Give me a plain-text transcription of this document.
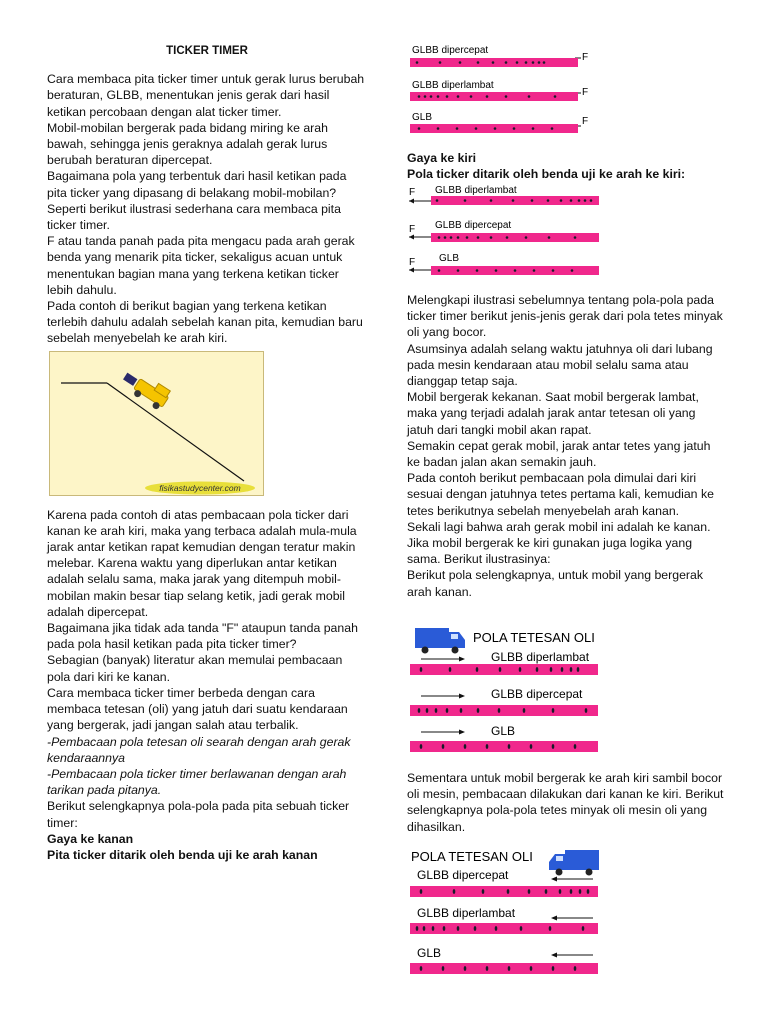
TICKER TIMER

Cara membaca pita ticker timer untuk gerak lurus berubah beraturan, GLBB, menentukan jenis gerak dari hasil ketikan percobaan dengan alat ticker timer.

Mobil-mobilan bergerak pada bidang miring ke arah bawah, sehingga jenis geraknya adalah gerak lurus berubah beraturan dipercepat.

Bagaimana pola yang terbentuk dari hasil ketikan pada pita ticker yang dipasang di belakang mobil-mobilan?

Seperti berikut ilustrasi sederhana cara membaca pita ticker timer.

F atau tanda panah pada pita mengacu pada arah gerak benda yang menarik pita ticker, sekaligus acuan untuk menentukan bagian mana yang terkena ketikan ticker lebih dahulu.

Pada contoh di berikut bagian yang terkena ketikan terlebih dahulu adalah sebelah kanan pita, kemudian baru sebelah menyebelah ke arah kiri.

fisikastudycenter.com

Karena pada contoh di atas pembacaan pola ticker dari kanan ke arah kiri, maka yang terbaca adalah mula-mula jarak antar ketikan rapat kemudian dengan teratur makin melebar. Karena waktu yang diperlukan antar ketikan adalah selalu sama, maka jarak yang ditempuh mobil-mobilan makin besar tiap selang ketik, jadi gerak mobil adalah dipercepat.

Bagaimana jika tidak ada tanda "F" ataupun tanda panah pada pola hasil ketikan pada pita ticker timer?

Sebagian (banyak) literatur akan memulai pembacaan pola dari kiri ke kanan.

Cara membaca ticker timer berbeda dengan cara membaca tetesan (oli) yang jatuh dari suatu kendaraan yang bergerak, jadi jangan salah atau terbalik.

-Pembacaan pola tetesan oli searah dengan arah gerak kendaraannya

-Pembacaan pola ticker timer berlawanan dengan arah tarikan pada pitanya.

Berikut selengkapnya pola-pola pada pita sebuah ticker timer:

Gaya ke kanan

Pita ticker ditarik oleh benda uji ke arah kanan

GLBB dipercepat
F
GLBB diperlambat
F
GLB	F

Gaya ke kiri

Pola ticker ditarik oleh benda uji ke arah ke kiri:

F GLBB diperlambat
F GLBB dipercepat
F GLB

Melengkapi ilustrasi sebelumnya tentang pola-pola pada ticker timer berikut jenis-jenis gerak dari pola tetes minyak oli yang bocor.

Asumsinya adalah selang waktu jatuhnya oli dari lubang pada mesin kendaraan atau mobil selalu sama atau dianggap tetap saja.

Mobil bergerak kekanan. Saat mobil bergerak lambat, maka yang terjadi adalah jarak antar tetesan oli yang jatuh dari tangki mobil akan rapat.

Semakin cepat gerak mobil, jarak antar tetes yang jatuh ke badan jalan akan semakin jauh.

Pada contoh berikut pembacaan pola dimulai dari kiri sesuai dengan jatuhnya tetes pertama kali, kemudian ke tetes berikutnya sebelah menyebelah arah kanan.

Sekali lagi bahwa arah gerak mobil ini adalah ke kanan.

Jika mobil bergerak ke kiri gunakan juga logika yang sama. Berikut ilustrasinya:

Berikut pola selengkapnya, untuk mobil yang bergerak arah kanan.

POLA TETESAN OLI
GLBB diperlambat
GLBB dipercepat
GLB

Sementara untuk mobil bergerak ke arah kiri sambil bocor oli mesin, pembacaan dilakukan dari kanan ke kiri. Berikut selengkapnya pola-pola tetes minyak oli mesin oli yang dihasilkan.

POLA TETESAN OLI
GLBB dipercepat
GLBB diperlambat
GLB
